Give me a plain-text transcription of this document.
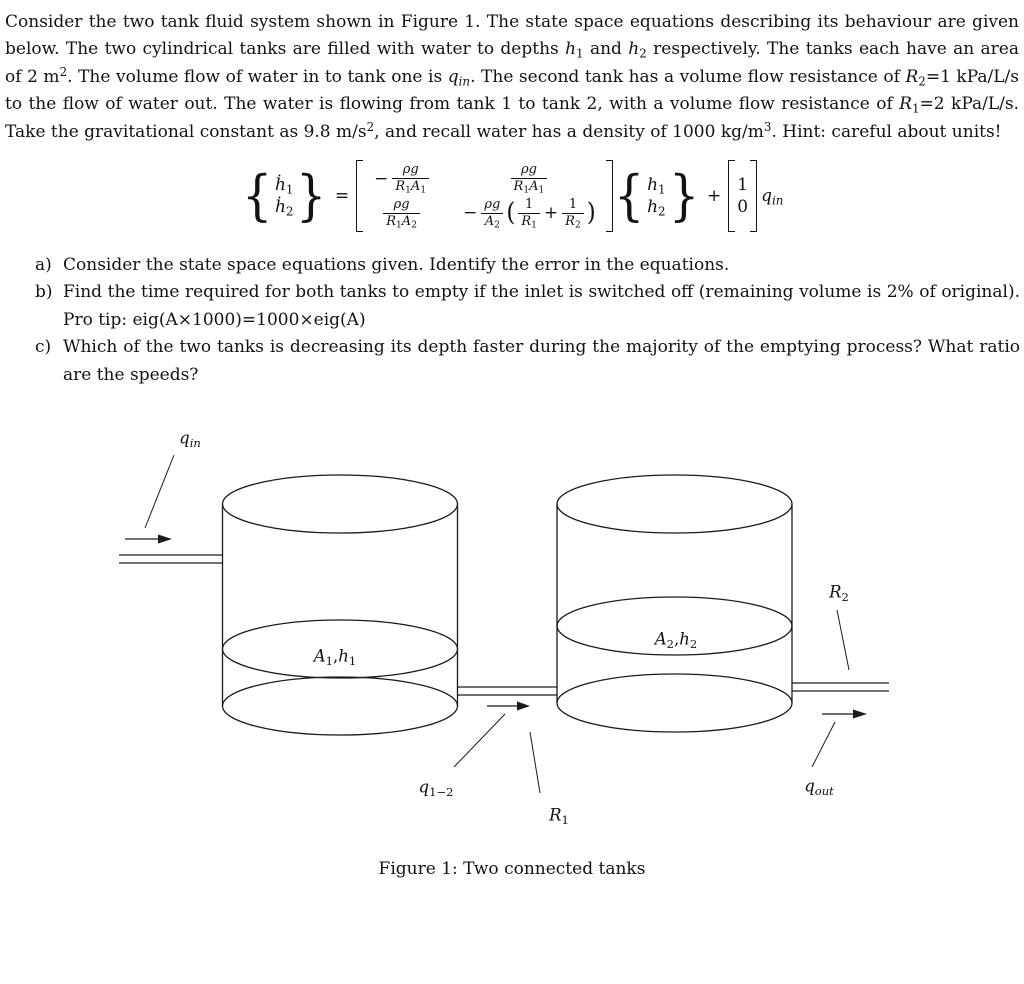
Consider the two tank fluid system shown in Figure 1. The state space equations describing its behaviour are given below. The two cylindrical tanks are filled with water to depths $h_1$ and $h_2$ respectively. The tanks each have an area of 2 $m^2$. The volume flow of water in to tank one is $q_{in}$. The second tank has a volume flow resistance of $R_2=1$ kPa/L/s to the flow of water out. The water is flowing from tank 1 to tank 2, with a volume flow resistance of $R_1=2$ kPa/L/s. Take the gravitational constant as 9.8 $m/s^2$, and recall water has a density of 1000 $kg/m^3$. Hint: careful about units!

{ ḣ$_1$
ḣ$_2$ } =
− $\frac{\rho g}{R_1A_1}$	$\frac{\rho g}{R_1A_1}$
$\frac{\rho g}{R_1A_2}$	− $\frac{\rho g}{A_2}$ ( $\frac{1}{R_1} + \frac{1}{R_2}$ ) { $h_1$
$h_2$ } +
1
0
$q_{in}$
a) Consider the state space equations given. Identify the error in the equations.
b) Find the time required for both tanks to empty if the inlet is switched off (remaining volume is 2% of original). Pro tip: eig(A×1000)=1000×eig(A)
c) Which of the two tanks is decreasing its depth faster during the majority of the emptying process? What ratio are the speeds?
$q_{in}$
$A_1,h_1$
$A_2,h_2$
$R_2$
$R_1$
$q_{1-2}$	$q_{out}$
Figure 1: Two connected tanks
